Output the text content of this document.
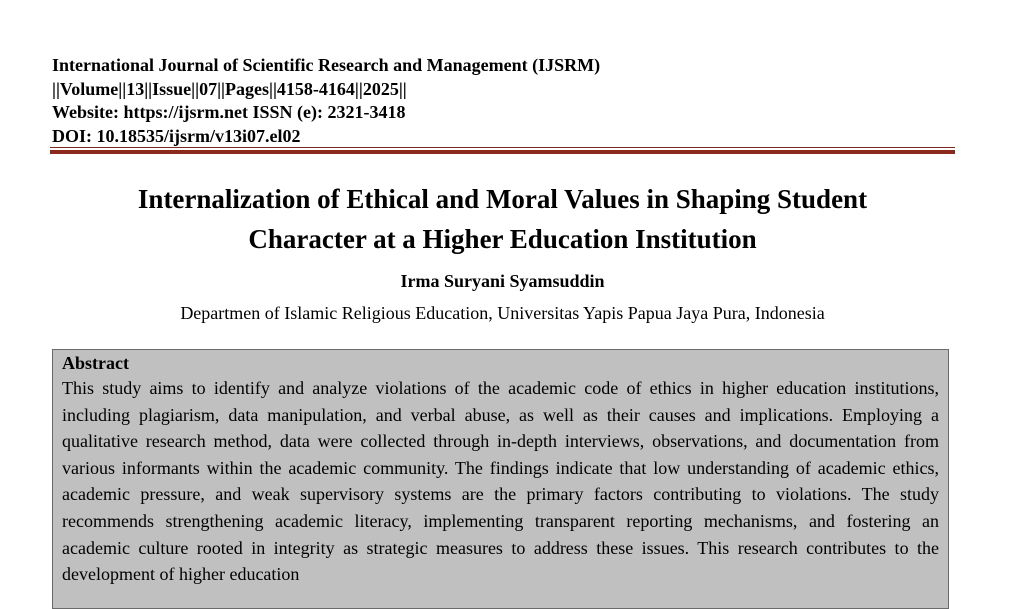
International Journal of Scientific Research and Management (IJSRM)
||Volume||13||Issue||07||Pages||4158-4164||2025||
Website: https://ijsrm.net ISSN (e): 2321-3418
DOI: 10.18535/ijsrm/v13i07.el02
Internalization of Ethical and Moral Values in Shaping Student
Character at a Higher Education Institution
Irma Suryani Syamsuddin
Departmen of Islamic Religious Education, Universitas Yapis Papua Jaya Pura, Indonesia
Abstract

This study aims to identify and analyze violations of the academic code of ethics in higher education institutions, including plagiarism, data manipulation, and verbal abuse, as well as their causes and implications. Employing a qualitative research method, data were collected through in-depth interviews, observations, and documentation from various informants within the academic community. The findings indicate that low understanding of academic ethics, academic pressure, and weak supervisory systems are the primary factors contributing to violations. The study recommends strengthening academic literacy, implementing transparent reporting mechanisms, and fostering an academic culture rooted in integrity as strategic measures to address these issues. This research contributes to the development of higher education
